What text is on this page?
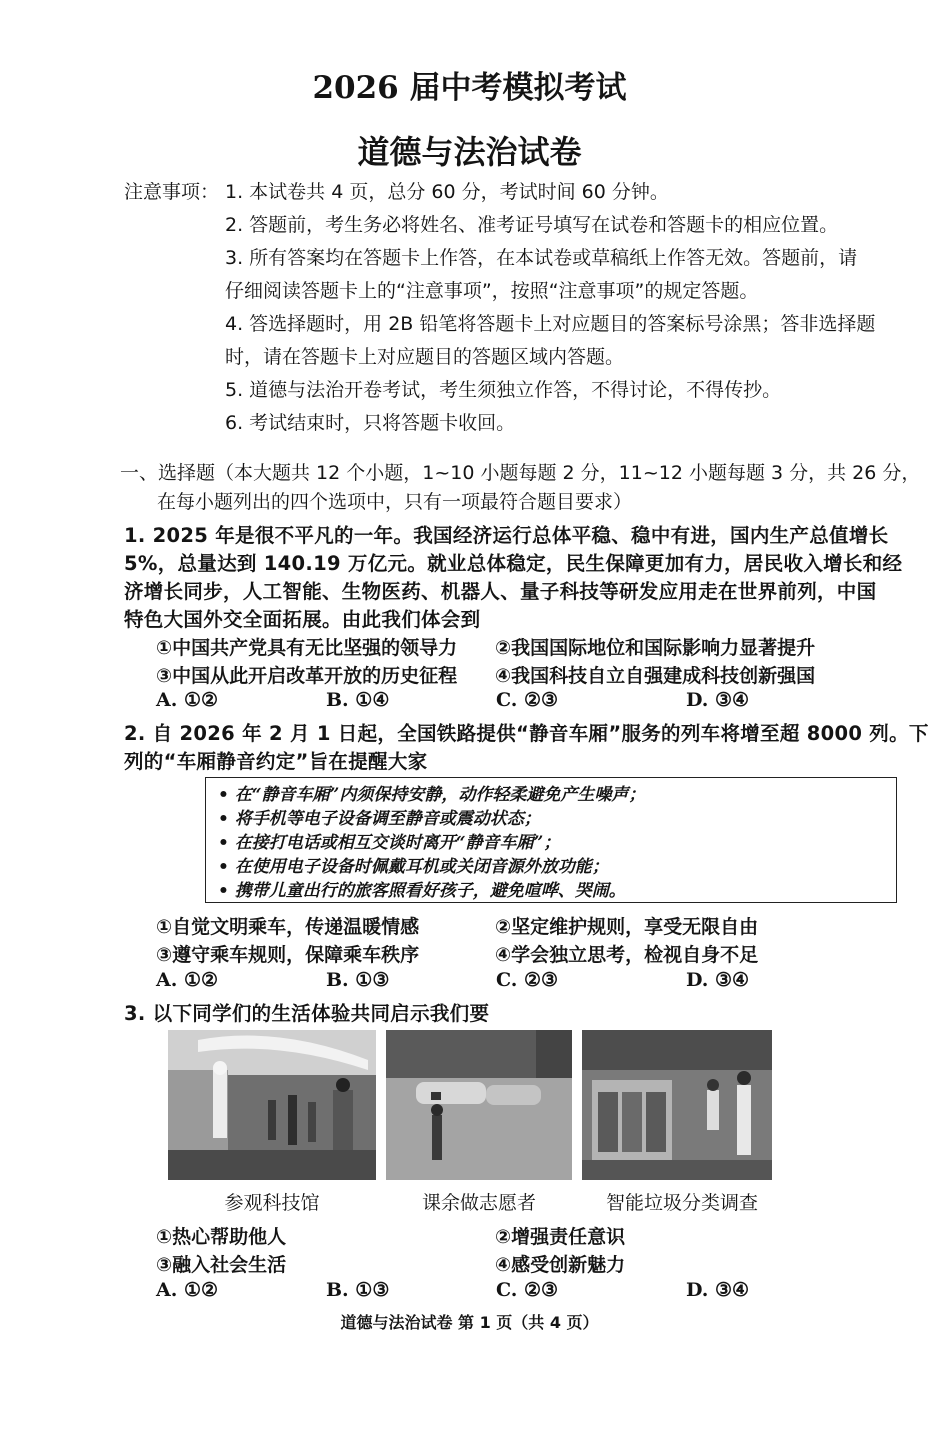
2026 届中考模拟考试
道德与法治试卷
注意事项： 1. 本试卷共 4 页，总分 60 分，考试时间 60 分钟。
2. 答题前，考生务必将姓名、准考证号填写在试卷和答题卡的相应位置。
3. 所有答案均在答题卡上作答，在本试卷或草稿纸上作答无效。答题前，请
仔细阅读答题卡上的“注意事项”，按照“注意事项”的规定答题。
4. 答选择题时，用 2B 铅笔将答题卡上对应题目的答案标号涂黑；答非选择题
时，请在答题卡上对应题目的答题区域内答题。
5. 道德与法治开卷考试，考生须独立作答，不得讨论，不得传抄。
6. 考试结束时，只将答题卡收回。
一、选择题（本大题共 12 个小题，1~10 小题每题 2 分，11~12 小题每题 3 分，共 26 分，
在每小题列出的四个选项中，只有一项最符合题目要求）
1. 2025 年是很不平凡的一年。我国经济运行总体平稳、稳中有进，国内生产总值增长
5%，总量达到 140.19 万亿元。就业总体稳定，民生保障更加有力，居民收入增长和经
济增长同步，人工智能、生物医药、机器人、量子科技等研发应用走在世界前列，中国
特色大国外交全面拓展。由此我们体会到
①中国共产党具有无比坚强的领导力 ②我国国际地位和国际影响力显著提升
③中国从此开启改革开放的历史征程 ④我国科技自立自强建成科技创新强国
A. ①②	B. ①④	C. ②③	D. ③④
2. 自 2026 年 2 月 1 日起，全国铁路提供“静音车厢”服务的列车将增至超 8000 列。下
列的“车厢静音约定”旨在提醒大家
• 在“静音车厢”内须保持安静，动作轻柔避免产生噪声；
• 将手机等电子设备调至静音或震动状态；
• 在接打电话或相互交谈时离开“静音车厢”；
• 在使用电子设备时佩戴耳机或关闭音源外放功能；
• 携带儿童出行的旅客照看好孩子，避免喧哗、哭闹。
①自觉文明乘车，传递温暖情感	②坚定维护规则，享受无限自由
③遵守乘车规则，保障乘车秩序	④学会独立思考，检视自身不足
A. ①②	B. ①③	C. ②③	D. ③④
3. 以下同学们的生活体验共同启示我们要
参观科技馆	课余做志愿者	智能垃圾分类调查
①热心帮助他人	②增强责任意识
③融入社会生活	④感受创新魅力
A. ①②	B. ①③	C. ②③	D. ③④
道德与法治试卷 第 1 页（共 4 页）
